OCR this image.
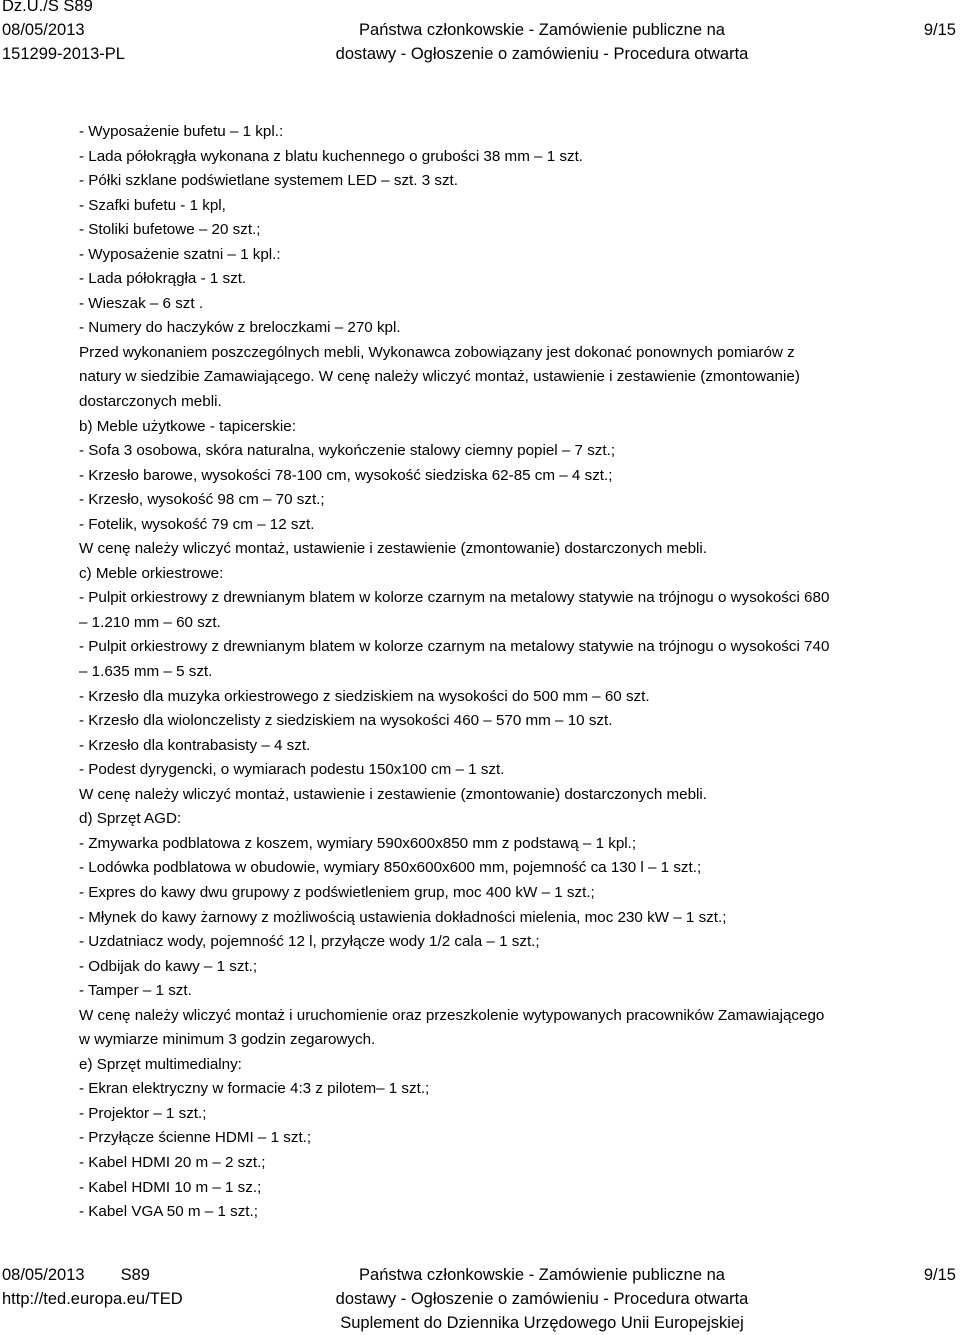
Dz.U./S S89
08/05/2013	Państwa członkowskie - Zamówienie publiczne na	9/15
151299-2013-PL	dostawy - Ogłoszenie o zamówieniu - Procedura otwarta
- Wyposażenie bufetu – 1 kpl.:
- Lada półokrągła wykonana z blatu kuchennego o grubości 38 mm – 1 szt.
- Półki szklane podświetlane systemem LED – szt. 3 szt.
- Szafki bufetu - 1 kpl,
- Stoliki bufetowe – 20 szt.;
- Wyposażenie szatni – 1 kpl.:
- Lada półokrągła - 1 szt.
- Wieszak – 6 szt .
- Numery do haczyków z breloczkami – 270 kpl.
Przed wykonaniem poszczególnych mebli, Wykonawca zobowiązany jest dokonać ponownych pomiarów z
natury w siedzibie Zamawiającego. W cenę należy wliczyć montaż, ustawienie i zestawienie (zmontowanie)
dostarczonych mebli.
b) Meble użytkowe - tapicerskie:
- Sofa 3 osobowa, skóra naturalna, wykończenie stalowy ciemny popiel – 7 szt.;
- Krzesło barowe, wysokości 78-100 cm, wysokość siedziska 62-85 cm – 4 szt.;
- Krzesło, wysokość 98 cm – 70 szt.;
- Fotelik, wysokość 79 cm – 12 szt.
W cenę należy wliczyć montaż, ustawienie i zestawienie (zmontowanie) dostarczonych mebli.
c) Meble orkiestrowe:
- Pulpit orkiestrowy z drewnianym blatem w kolorze czarnym na metalowy statywie na trójnogu o wysokości 680
– 1.210 mm – 60 szt.
- Pulpit orkiestrowy z drewnianym blatem w kolorze czarnym na metalowy statywie na trójnogu o wysokości 740
– 1.635 mm – 5 szt.
- Krzesło dla muzyka orkiestrowego z siedziskiem na wysokości do 500 mm – 60 szt.
- Krzesło dla wiolonczelisty z siedziskiem na wysokości 460 – 570 mm – 10 szt.
- Krzesło dla kontrabasisty – 4 szt.
- Podest dyrygencki, o wymiarach podestu 150x100 cm – 1 szt.
W cenę należy wliczyć montaż, ustawienie i zestawienie (zmontowanie) dostarczonych mebli.
d) Sprzęt AGD:
- Zmywarka podblatowa z koszem, wymiary 590x600x850 mm z podstawą – 1 kpl.;
- Lodówka podblatowa w obudowie, wymiary 850x600x600 mm, pojemność ca 130 l – 1 szt.;
- Expres do kawy dwu grupowy z podświetleniem grup, moc 400 kW – 1 szt.;
- Młynek do kawy żarnowy z możliwością ustawienia dokładności mielenia, moc 230 kW – 1 szt.;
- Uzdatniacz wody, pojemność 12 l, przyłącze wody 1/2 cala – 1 szt.;
- Odbijak do kawy – 1 szt.;
- Tamper – 1 szt.
W cenę należy wliczyć montaż i uruchomienie oraz przeszkolenie wytypowanych pracowników Zamawiającego
w wymiarze minimum 3 godzin zegarowych.
e) Sprzęt multimedialny:
- Ekran elektryczny w formacie 4:3 z pilotem– 1 szt.;
- Projektor – 1 szt.;
- Przyłącze ścienne HDMI – 1 szt.;
- Kabel HDMI 20 m – 2 szt.;
- Kabel HDMI 10 m – 1 sz.;
- Kabel VGA 50 m – 1 szt.;
08/05/2013 S89	Państwa członkowskie - Zamówienie publiczne na	9/15
http://ted.europa.eu/TED	dostawy - Ogłoszenie o zamówieniu - Procedura otwarta
Suplement do Dziennika Urzędowego Unii Europejskiej
